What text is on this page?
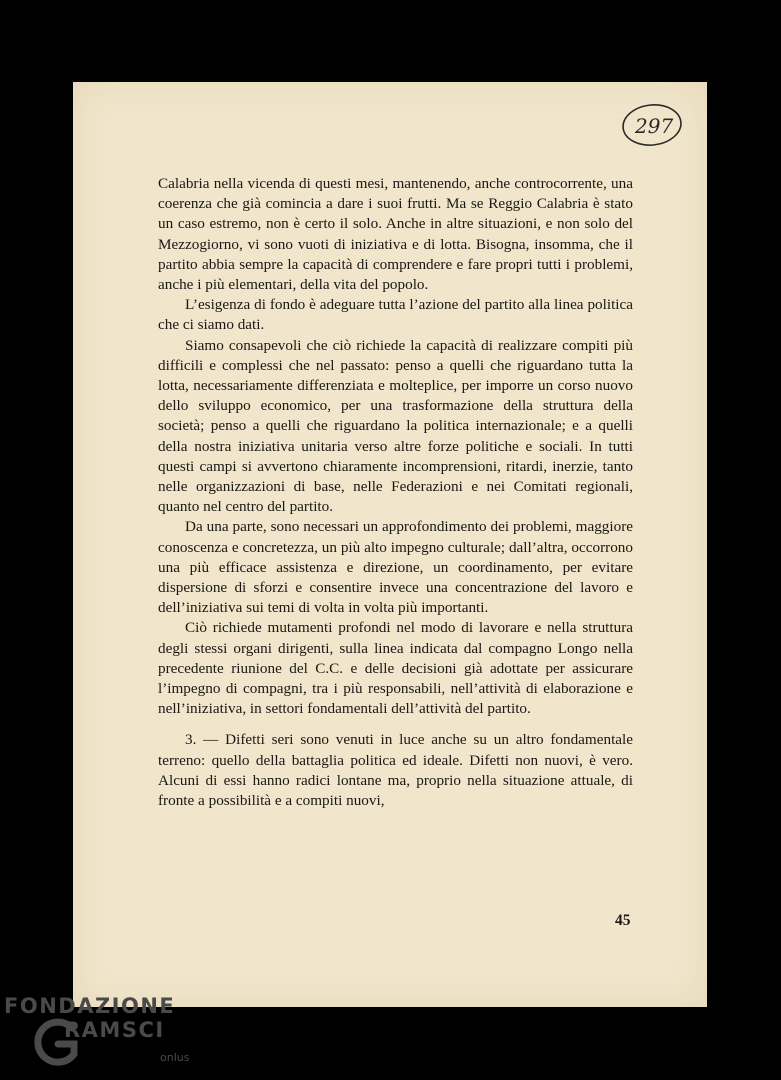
297

Calabria nella vicenda di questi mesi, mantenendo, anche controcorrente, una coerenza che già comincia a dare i suoi frutti. Ma se Reggio Calabria è stato un caso estremo, non è certo il solo. Anche in altre situazioni, e non solo del Mezzogiorno, vi sono vuoti di iniziativa e di lotta. Bisogna, insomma, che il partito abbia sempre la capacità di comprendere e fare propri tutti i problemi, anche i più elementari, della vita del popolo.

L’esigenza di fondo è adeguare tutta l’azione del partito alla linea politica che ci siamo dati.

Siamo consapevoli che ciò richiede la capacità di realizzare compiti più difficili e complessi che nel passato: penso a quelli che riguardano tutta la lotta, necessariamente differenziata e molteplice, per imporre un corso nuovo dello sviluppo economico, per una trasformazione della struttura della società; penso a quelli che riguardano la politica internazionale; e a quelli della nostra iniziativa unitaria verso altre forze politiche e sociali. In tutti questi campi si avvertono chiaramente incomprensioni, ritardi, inerzie, tanto nelle organizzazioni di base, nelle Federazioni e nei Comitati regionali, quanto nel centro del partito.

Da una parte, sono necessari un approfondimento dei problemi, maggiore conoscenza e concretezza, un più alto impegno culturale; dall’altra, occorrono una più efficace assistenza e direzione, un coordinamento, per evitare dispersione di sforzi e consentire invece una concentrazione del lavoro e dell’iniziativa sui temi di volta in volta più importanti.

Ciò richiede mutamenti profondi nel modo di lavorare e nella struttura degli stessi organi dirigenti, sulla linea indicata dal compagno Longo nella precedente riunione del C.C. e delle decisioni già adottate per assicurare l’impegno di compagni, tra i più responsabili, nell’attività di elaborazione e nell’iniziativa, in settori fondamentali dell’attività del partito.

3. — Difetti seri sono venuti in luce anche su un altro fondamentale terreno: quello della battaglia politica ed ideale. Difetti non nuovi, è vero. Alcuni di essi hanno radici lontane ma, proprio nella situazione attuale, di fronte a possibilità e a compiti nuovi,

45
FONDAZIONE
RAMSCI
onlus
